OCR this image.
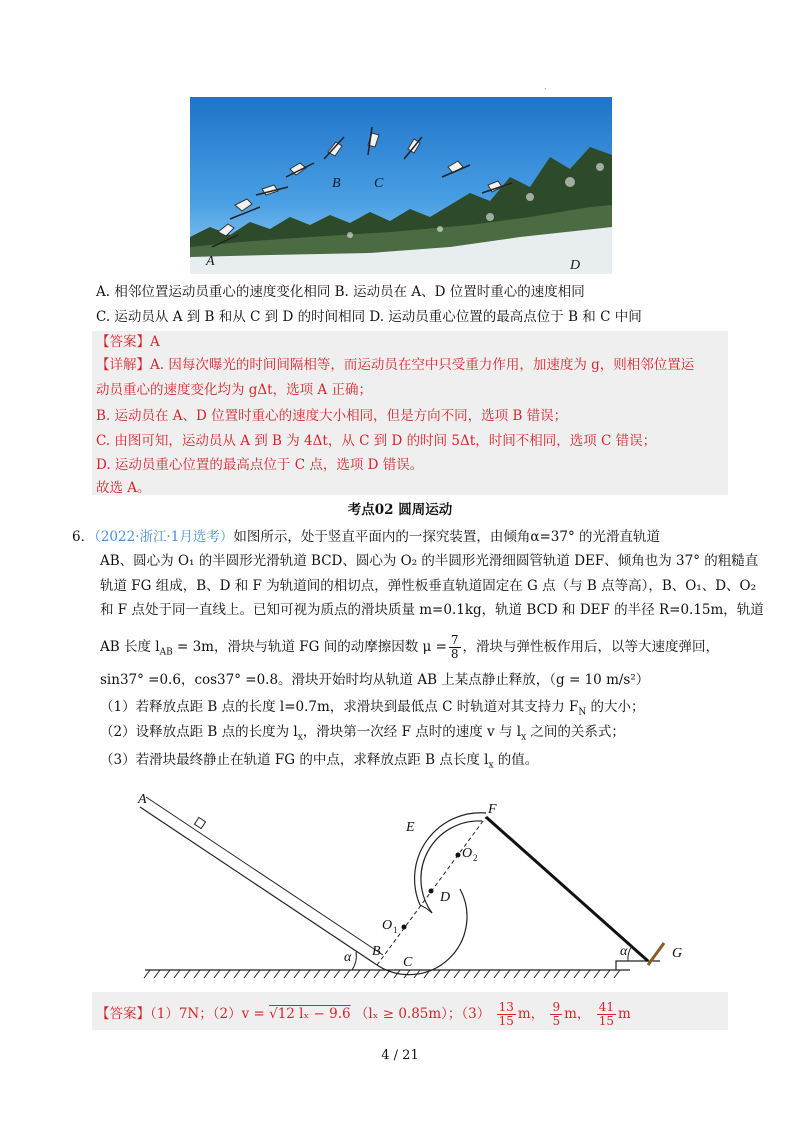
.
A
B C
D
A. 相邻位置运动员重心的速度变化相同 B. 运动员在 A、D 位置时重心的速度相同
C. 运动员从 A 到 B 和从 C 到 D 的时间相同 D. 运动员重心位置的最高点位于 B 和 C 中间
【答案】A
【详解】A. 因每次曝光的时间间隔相等，而运动员在空中只受重力作用，加速度为 g，则相邻位置运
动员重心的速度变化均为 gΔt，选项 A 正确；
B. 运动员在 A、D 位置时重心的速度大小相同，但是方向不同，选项 B 错误；
C. 由图可知，运动员从 A 到 B 为 4Δt，从 C 到 D 的时间 5Δt，时间不相同，选项 C 错误；
D. 运动员重心位置的最高点位于 C 点，选项 D 错误。
故选 A。
考点02 圆周运动
6．（2022·浙江·1月选考）如图所示，处于竖直平面内的一探究装置，由倾角α=37° 的光滑直轨道
AB、圆心为 O₁ 的半圆形光滑轨道 BCD、圆心为 O₂ 的半圆形光滑细圆管轨道 DEF、倾角也为 37° 的粗糙直
轨道 FG 组成，B、D 和 F 为轨道间的相切点，弹性板垂直轨道固定在 G 点（与 B 点等高），B、O₁、D、O₂
和 F 点处于同一直线上。已知可视为质点的滑块质量 m=0.1kg，轨道 BCD 和 DEF 的半径 R=0.15m，轨道
AB 长度 $l_{AB} = 3m$，滑块与轨道 FG 间的动摩擦因数 $\mu = \frac{7}{8}$ ，滑块与弹性板作用后，以等大速度弹回，
sin37° =0.6，cos37° =0.8。滑块开始时均从轨道 AB 上某点静止释放，（g = 10 m/s²）
（1）若释放点距 B 点的长度 l=0.7m，求滑块到最低点 C 时轨道对其支持力 $F_N$ 的大小；
（2）设释放点距 B 点的长度为 $l_x$，滑块第一次经 F 点时的速度 v 与 $l_x$ 之间的关系式；
（3）若滑块最终静止在轨道 FG 的中点，求释放点距 B 点长度 $l_x$ 的值。
A
B
C
D
E
F
G
α	α
O
O
1
2
【答案】（1）7N；（2）v = √12 lₓ − 9.6 （lₓ ≥ 0.85m）；$(3) \frac{13}{15}$ m， $\frac{9}{5}$ m， $\frac{41}{15}$ m
4 / 21
